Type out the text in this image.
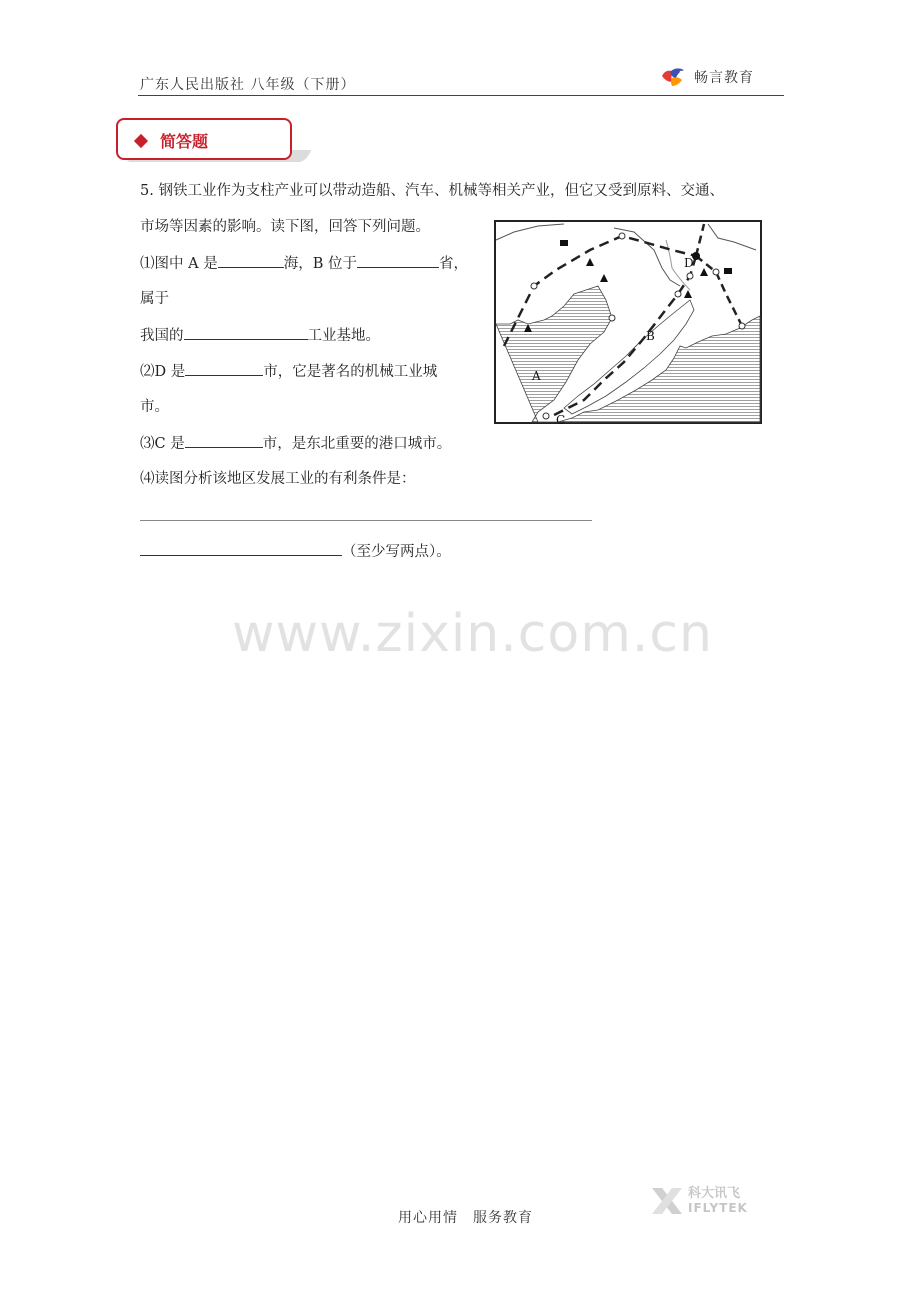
广东人民出版社 八年级（下册）	畅言教育
简答题
5. 钢铁工业作为支柱产业可以带动造船、汽车、机械等相关产业，但它又受到原料、交通、
市场等因素的影响。读下图，回答下列问题。
⑴图中 A 是	海，B 位于	省，
属于
我国的	工业基地。
⑵D 是	市，它是著名的机械工业城
市。
⑶C 是	市，是东北重要的港口城市。
⑷读图分析该地区发展工业的有利条件是：
（至少写两点）。
D
B
A
C
www.zixin.com.cn
用心用情　服务教育
科大讯飞
IFLYTEK
